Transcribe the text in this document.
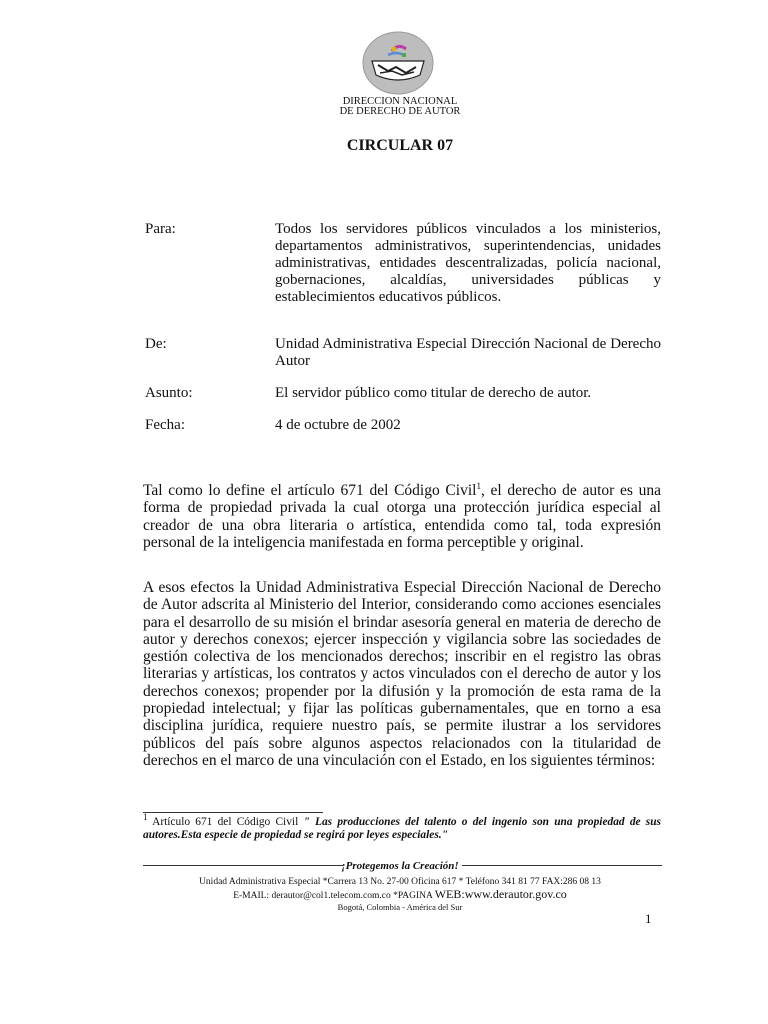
DIRECCION NACIONAL
DE DERECHO DE AUTOR
CIRCULAR 07
Para:	Todos los servidores públicos vinculados a los ministerios, departamentos administrativos, superintendencias, unidades administrativas, entidades descentralizadas, policía nacional, gobernaciones, alcaldías, universidades públicas y establecimientos educativos públicos.
De:	Unidad Administrativa Especial Dirección Nacional de Derecho Autor
Asunto:	El servidor público como titular de derecho de autor.
Fecha:	4 de octubre de 2002
Tal como lo define el artículo 671 del Código Civil$^1$, el derecho de autor es una forma de propiedad privada la cual otorga una protección jurídica especial al creador de una obra literaria o artística, entendida como tal, toda expresión personal de la inteligencia manifestada en forma perceptible y original.
A esos efectos la Unidad Administrativa Especial Dirección Nacional de Derecho de Autor adscrita al Ministerio del Interior, considerando como acciones esenciales para el desarrollo de su misión el brindar asesoría general en materia de derecho de autor y derechos conexos; ejercer inspección y vigilancia sobre las sociedades de gestión colectiva de los mencionados derechos; inscribir en el registro las obras literarias y artísticas, los contratos y actos vinculados con el derecho de autor y los derechos conexos; propender por la difusión y la promoción de esta rama de la propiedad intelectual; y fijar las políticas gubernamentales, que en torno a esa disciplina jurídica, requiere nuestro país, se permite ilustrar a los servidores públicos del país sobre algunos aspectos relacionados con la titularidad de derechos en el marco de una vinculación con el Estado, en los siguientes términos:
$^1$ Artículo 671 del Código Civil " Las producciones del talento o del ingenio son una propiedad de sus autores.Esta especie de propiedad se regirá por leyes especiales."
¡Protegemos la Creación!
Unidad Administrativa Especial *Carrera 13 No. 27-00 Oficina 617 * Teléfono 341 81 77 FAX:286 08 13
E-MAIL: derautor@col1.telecom.com.co *PAGINA WEB:www.derautor.gov.co
Bogotá, Colombia - América del Sur
1
